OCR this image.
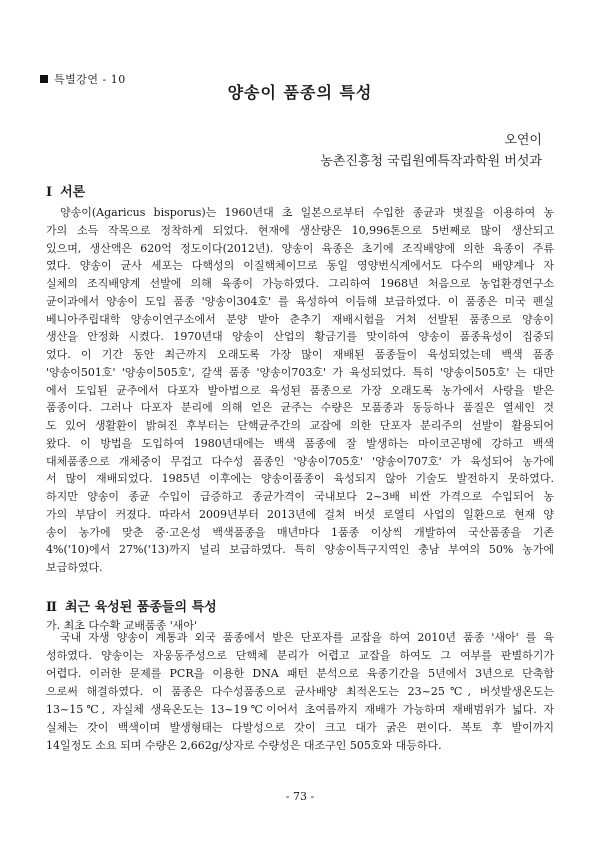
특별강연 - 10
양송이 품종의 특성
오연이
농촌진흥청 국립원예특작과학원 버섯과
Ⅰ 서론
양송이(Agaricus bisporus)는 1960년대 초 일본으로부터 수입한 종균과 볏짚을 이용하여 농
가의 소득 작목으로 정착하게 되었다. 현재에 생산량은 10,996톤으로 5번째로 많이 생산되고
있으며, 생산액은 620억 정도이다(2012년). 양송이 육종은 초기에 조직배양에 의한 육종이 주류
였다. 양송이 균사 세포는 다핵성의 이질핵체이므로 동일 영양번식계에서도 다수의 배양계나 자
실체의 조직배양계 선발에 의해 육종이 가능하였다. 그리하여 1968년 처음으로 농업환경연구소
균이과에서 양송이 도입 품종 '양송이304호' 를 육성하여 이듬해 보급하였다. 이 품종은 미국 펜실
베니아주립대학 양송이연구소에서 분양 받아 춘추기 재배시험을 거쳐 선발된 품종으로 양송이
생산을 안정화 시켰다. 1970년대 양송이 산업의 황금기를 맞이하여 양송이 품종육성이 집중되
었다. 이 기간 동안 최근까지 오래도록 가장 많이 재배된 품종들이 육성되었는데 백색 품종
'양송이501호' '양송이505호', 갈색 품종 '양송이703호' 가 육성되었다. 특히 '양송이505호' 는 대만
에서 도입된 균주에서 다포자 발아법으로 육성된 품종으로 가장 오래도록 농가에서 사랑을 받은
품종이다. 그러나 다포자 분리에 의해 얻은 균주는 수량은 모품종과 동등하나 품질은 열세인 것
도 있어 생활환이 밝혀진 후부터는 단핵균주간의 교잡에 의한 단포자 분리주의 선발이 활용되어
왔다. 이 방법을 도입하여 1980년대에는 백색 품종에 잘 발생하는 마이코곤병에 강하고 백색
대체품종으로 개체중이 무겁고 다수성 품종인 '양송이705호' '양송이707호' 가 육성되어 농가에
서 많이 재배되었다. 1985년 이후에는 양송이품종이 육성되지 않아 기술도 발전하지 못하였다.
하지만 양송이 종균 수입이 급증하고 종균가격이 국내보다 2~3배 비싼 가격으로 수입되어 농
가의 부담이 커졌다. 따라서 2009년부터 2013년에 걸쳐 버섯 로열티 사업의 일환으로 현재 양
송이 농가에 맞춘 중·고온성 백색품종을 매년마다 1품종 이상씩 개발하여 국산품종을 기존
4%('10)에서 27%('13)까지 널리 보급하였다. 특히 양송이특구지역인 충남 부여의 50% 농가에
보급하였다.
Ⅱ 최근 육성된 품종들의 특성
가. 최초 다수확 교배품종 '새아'
국내 자생 양송이 계통과 외국 품종에서 받은 단포자를 교잡을 하여 2010년 품종 '새아' 를 육
성하였다. 양송이는 자웅동주성으로 단핵체 분리가 어렵고 교잡을 하여도 그 여부를 판별하기가
어렵다. 이러한 문제를 PCR을 이용한 DNA 패턴 분석으로 육종기간을 5년에서 3년으로 단축함
으로써 해결하였다. 이 품종은 다수성품종으로 균사배양 최적온도는 23~25℃, 버섯발생온도는
13~15℃, 자실체 생육온도는 13~19℃이어서 초여름까지 재배가 가능하며 재배범위가 넓다. 자
실체는 갓이 백색이며 발생형태는 다발성으로 갓이 크고 대가 굵은 편이다. 복토 후 발이까지
14일정도 소요 되며 수량은 2,662g/상자로 수량성은 대조구인 505호와 대등하다.
- 73 -
